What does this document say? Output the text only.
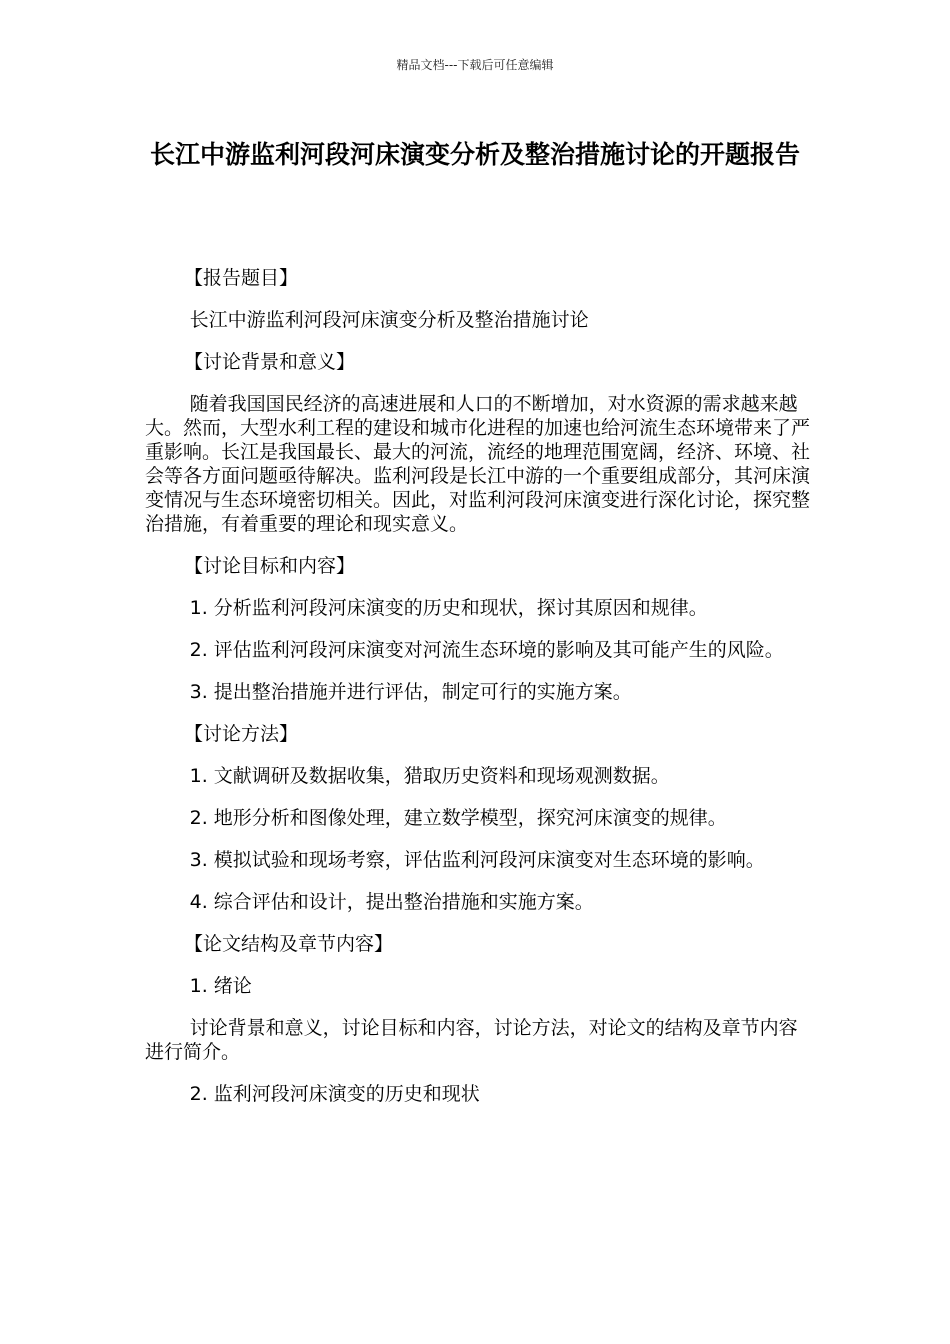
精品文档---下载后可任意编辑
长江中游监利河段河床演变分析及整治措施讨论的开题报告

【报告题目】

长江中游监利河段河床演变分析及整治措施讨论

【讨论背景和意义】

随着我国国民经济的高速进展和人口的不断增加，对水资源的需求越来越大。然而，大型水利工程的建设和城市化进程的加速也给河流生态环境带来了严重影响。长江是我国最长、最大的河流，流经的地理范围宽阔，经济、环境、社会等各方面问题亟待解决。监利河段是长江中游的一个重要组成部分，其河床演变情况与生态环境密切相关。因此，对监利河段河床演变进行深化讨论，探究整治措施，有着重要的理论和现实意义。

【讨论目标和内容】

1. 分析监利河段河床演变的历史和现状，探讨其原因和规律。

2. 评估监利河段河床演变对河流生态环境的影响及其可能产生的风险。

3. 提出整治措施并进行评估，制定可行的实施方案。

【讨论方法】

1. 文献调研及数据收集，猎取历史资料和现场观测数据。

2. 地形分析和图像处理，建立数学模型，探究河床演变的规律。

3. 模拟试验和现场考察，评估监利河段河床演变对生态环境的影响。

4. 综合评估和设计，提出整治措施和实施方案。

【论文结构及章节内容】

1. 绪论

讨论背景和意义，讨论目标和内容，讨论方法，对论文的结构及章节内容进行简介。

2. 监利河段河床演变的历史和现状
